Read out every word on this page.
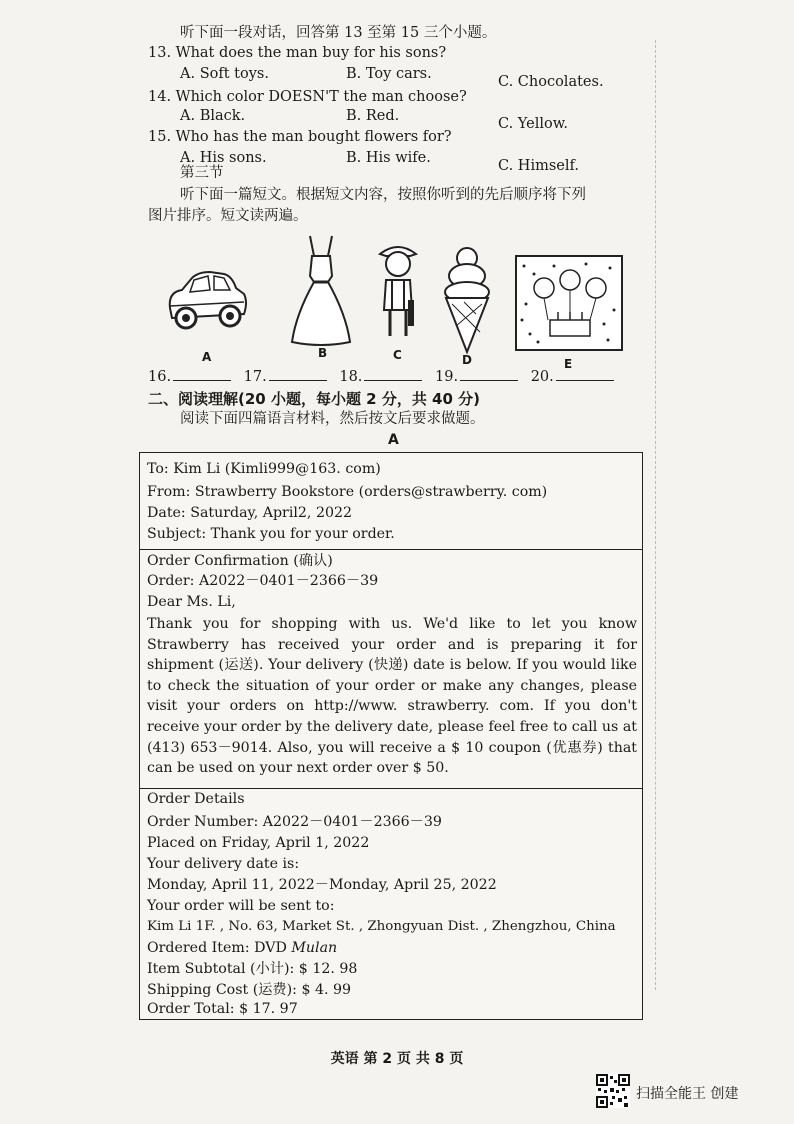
听下面一段对话，回答第 13 至第 15 三个小题。
13. What does the man buy for his sons?
A. Soft toys.	B. Toy cars.	C. Chocolates.
14. Which color DOESN'T the man choose?
A. Black.	B. Red.	C. Yellow.
15. Who has the man bought flowers for?
A. His sons.	B. His wife.	C. Himself.
第三节
听下面一篇短文。根据短文内容，按照你听到的先后顺序将下列
图片排序。短文读两遍。
A	B	C	D	E
16.	17.	18.	19.	20.
二、阅读理解(20 小题，每小题 2 分，共 40 分)
阅读下面四篇语言材料，然后按文后要求做题。
A
To: Kim Li (Kimli999@163. com)
From: Strawberry Bookstore (orders@strawberry. com)
Date: Saturday, April2, 2022
Subject: Thank you for your order.
Order Confirmation (确认)
Order: A2022－0401－2366－39
Dear Ms. Li,
Thank you for shopping with us. We'd like to let you know Strawberry has received your order and is preparing it for shipment (运送). Your delivery (快递) date is below. If you would like to check the situation of your order or make any changes, please visit your orders on http://www. strawberry. com. If you don't receive your order by the delivery date, please feel free to call us at (413) 653－9014. Also, you will receive a $ 10 coupon (优惠券) that can be used on your next order over $ 50.
Order Details
Order Number: A2022－0401－2366－39
Placed on Friday, April 1, 2022
Your delivery date is:
Monday, April 11, 2022－Monday, April 25, 2022
Your order will be sent to:
Kim Li 1F. , No. 63, Market St. , Zhongyuan Dist. , Zhengzhou, China
Ordered Item: DVD Mulan
Item Subtotal (小计): $ 12. 98
Shipping Cost (运费): $ 4. 99
Order Total: $ 17. 97
英语 第 2 页 共 8 页
扫描全能王 创建
